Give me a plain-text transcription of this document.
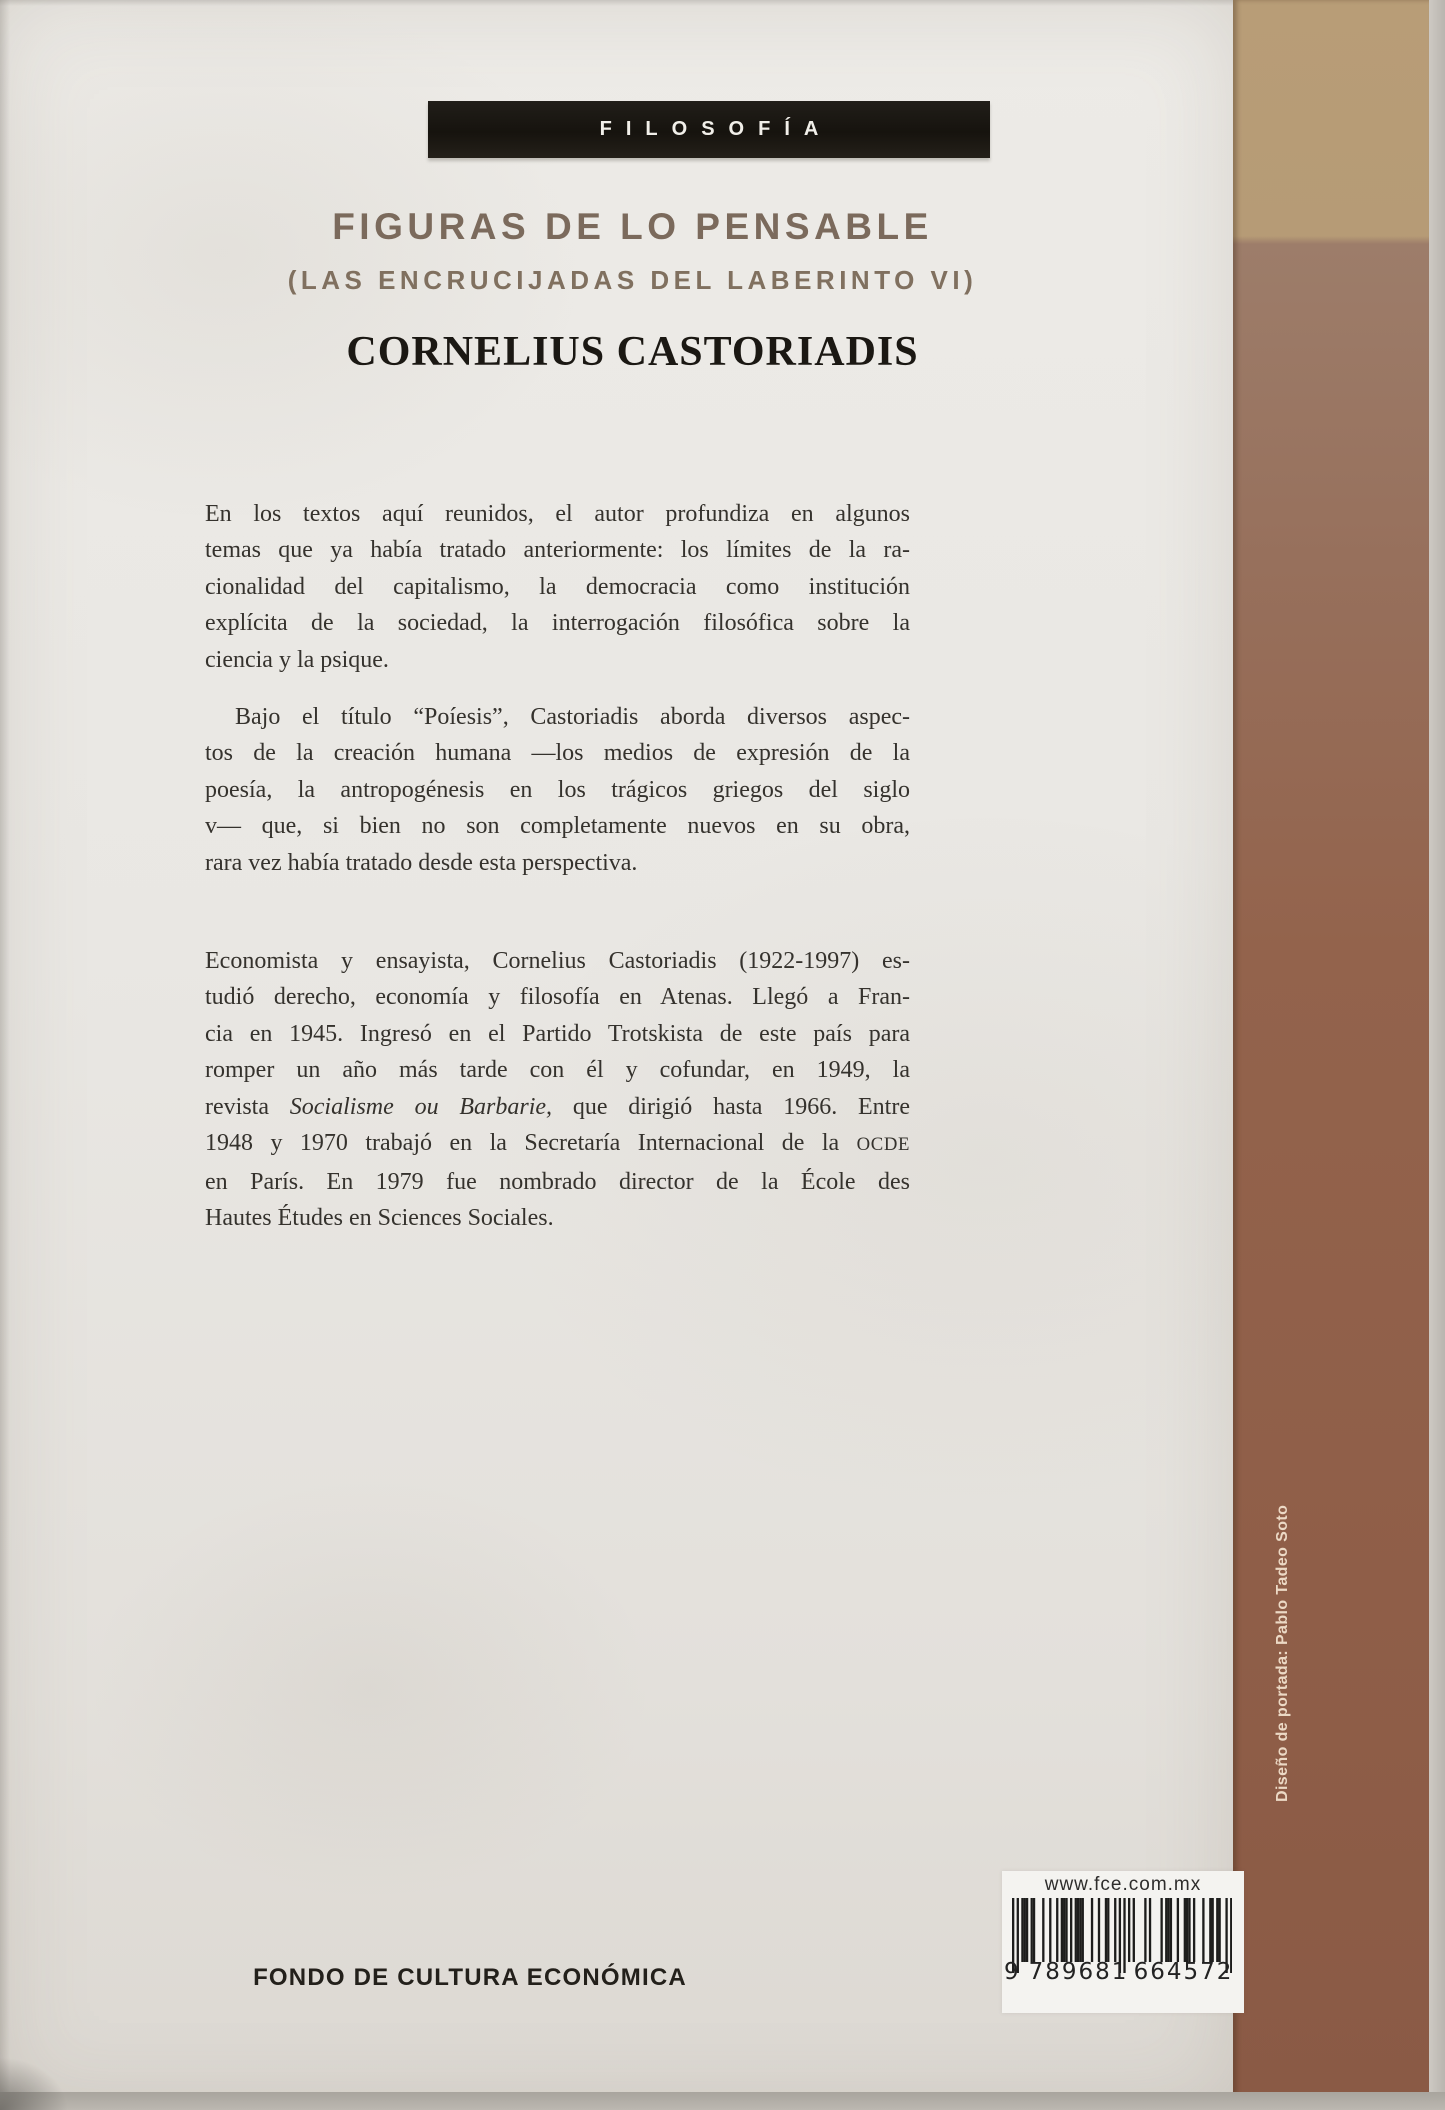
FILOSOFÍA
FIGURAS DE LO PENSABLE
(LAS ENCRUCIJADAS DEL LABERINTO VI)
CORNELIUS CASTORIADIS
En los textos aquí reunidos, el autor profundiza en algunos
temas que ya había tratado anteriormente: los límites de la ra-
cionalidad del capitalismo, la democracia como institución
explícita de la sociedad, la interrogación filosófica sobre la
ciencia y la psique.
Bajo el título “Poíesis”, Castoriadis aborda diversos aspec-
tos de la creación humana —los medios de expresión de la
poesía, la antropogénesis en los trágicos griegos del siglo
v— que, si bien no son completamente nuevos en su obra,
rara vez había tratado desde esta perspectiva.
Economista y ensayista, Cornelius Castoriadis (1922-1997) es-
tudió derecho, economía y filosofía en Atenas. Llegó a Fran-
cia en 1945. Ingresó en el Partido Trotskista de este país para
romper un año más tarde con él y cofundar, en 1949, la
revista Socialisme ou Barbarie, que dirigió hasta 1966. Entre
1948 y 1970 trabajó en la Secretaría Internacional de la OCDE
en París. En 1979 fue nombrado director de la École des
Hautes Études en Sciences Sociales.
FONDO DE CULTURA ECONÓMICA
www.fce.com.mx
9 789681 664572
Diseño de portada: Pablo Tadeo Soto
